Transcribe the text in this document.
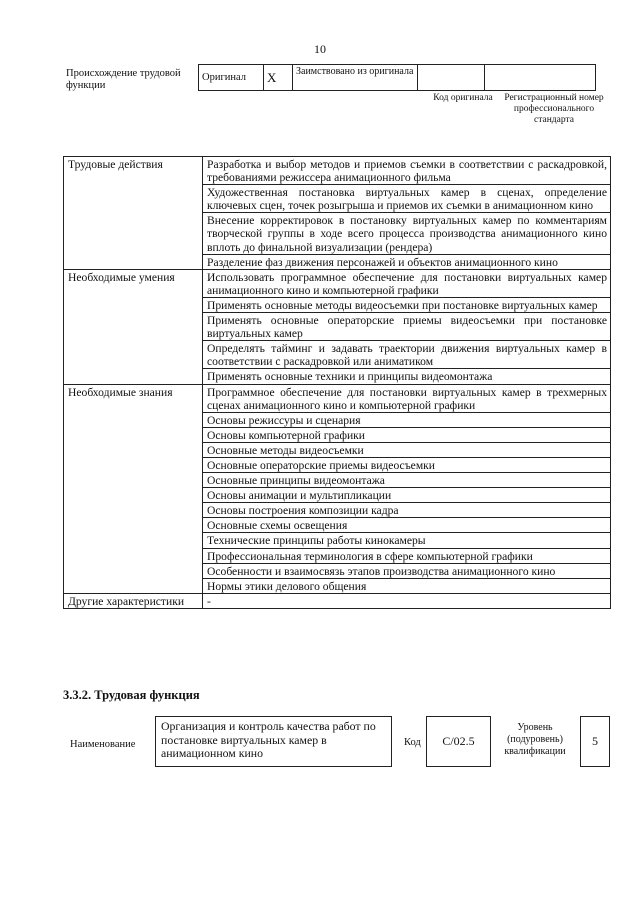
10
Происхождение трудовой функции
Оригинал	X	Заимствовано из оригинала		
Код оригинала	Регистрационный номер профессионального стандарта
Трудовые действия	Разработка и выбор методов и приемов съемки в соответствии с раскадровкой, требованиями режиссера анимационного фильма
	Художественная постановка виртуальных камер в сценах, определение ключевых сцен, точек розыгрыша и приемов их съемки в анимационном кино
	Внесение корректировок в постановку виртуальных камер по комментариям творческой группы в ходе всего процесса производства анимационного кино вплоть до финальной визуализации (рендера)
	Разделение фаз движения персонажей и объектов анимационного кино
Необходимые умения	Использовать программное обеспечение для постановки виртуальных камер анимационного кино и компьютерной графики
	Применять основные методы видеосъемки при постановке виртуальных камер
	Применять основные операторские приемы видеосъемки при постановке виртуальных камер
	Определять тайминг и задавать траектории движения виртуальных камер в соответствии с раскадровкой или аниматиком
	Применять основные техники и принципы видеомонтажа
Необходимые знания	Программное обеспечение для постановки виртуальных камер в трехмерных сценах анимационного кино и компьютерной графики
	Основы режиссуры и сценария
	Основы компьютерной графики
	Основные методы видеосъемки
	Основные операторские приемы видеосъемки
	Основные принципы видеомонтажа
	Основы анимации и мультипликации
	Основы построения композиции кадра
	Основные схемы освещения
	Технические принципы работы кинокамеры
	Профессиональная терминология в сфере компьютерной графики
	Особенности и взаимосвязь этапов производства анимационного кино
	Нормы этики делового общения
Другие характеристики	-
3.3.2. Трудовая функция
Наименование
Организация и контроль качества работ по постановке виртуальных камер в анимационном кино
Код C/02.5
Уровень (подуровень) квалификации
5
